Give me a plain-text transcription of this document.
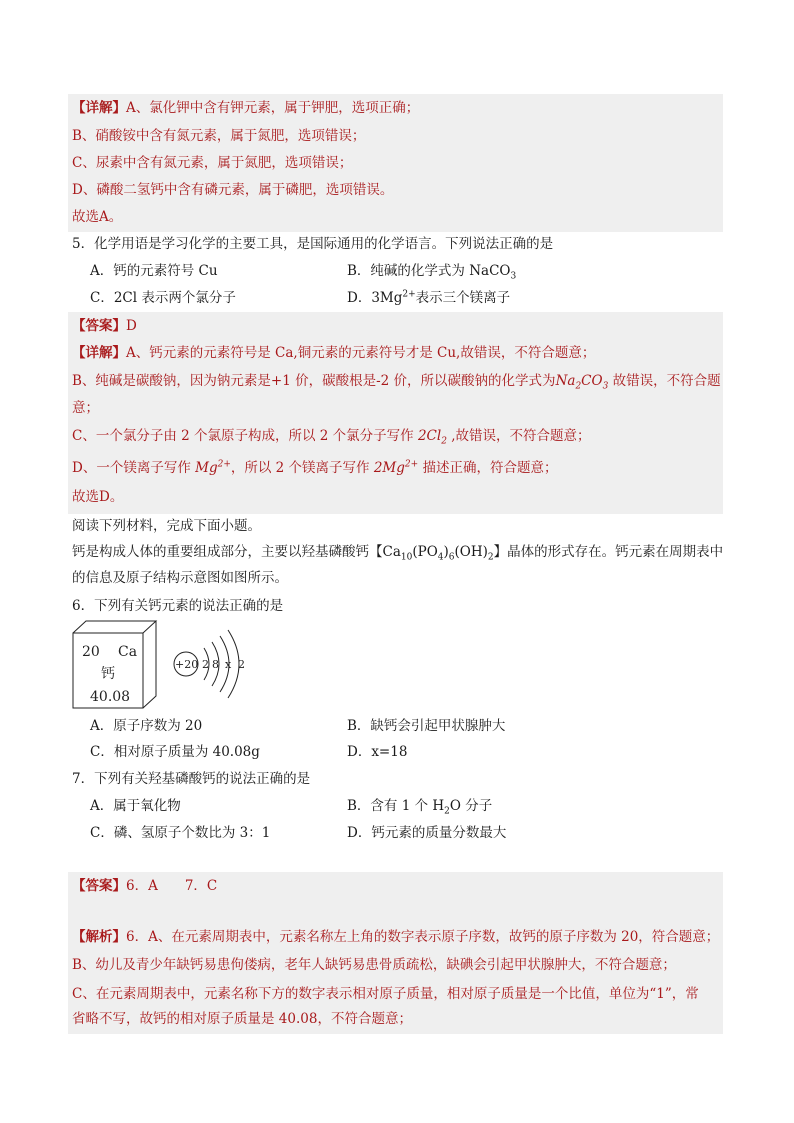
【详解】A、氯化钾中含有钾元素，属于钾肥，选项正确；
B、硝酸铵中含有氮元素，属于氮肥，选项错误；
C、尿素中含有氮元素，属于氮肥，选项错误；
D、磷酸二氢钙中含有磷元素，属于磷肥，选项错误。
故选A。
5．化学用语是学习化学的主要工具，是国际通用的化学语言。下列说法正确的是
A．钙的元素符号 Cu	B．纯碱的化学式为 NaCO$_3$
C．2Cl 表示两个氯分子	D．$3Mg^{2+}$表示三个镁离子
【答案】D
【详解】A、钙元素的元素符号是 Ca,铜元素的元素符号才是 Cu,故错误，不符合题意；
B、纯碱是碳酸钠，因为钠元素是+1 价，碳酸根是-2 价，所以碳酸钠的化学式为$Na_2CO_3$ 故错误，不符合题
意；
C、一个氯分子由 2 个氯原子构成，所以 2 个氯分子写作 $2Cl_2$ ,故错误，不符合题意；
D、一个镁离子写作 $Mg^{2+}$，所以 2 个镁离子写作 $2Mg^{2+}$ 描述正确，符合题意；
故选D。
阅读下列材料，完成下面小题。
钙是构成人体的重要组成部分，主要以羟基磷酸钙【$Ca_{10}(PO_4)_6(OH)_2$】晶体的形式存在。钙元素在周期表中
的信息及原子结构示意图如图所示。
6．下列有关钙元素的说法正确的是
20 Ca
钙
40.08
+20 2 8 x 2
A．原子序数为 20	B．缺钙会引起甲状腺肿大
C．相对原子质量为 40.08g	D．x=18
7．下列有关羟基磷酸钙的说法正确的是
A．属于氧化物	B．含有 1 个 $H_2O$ 分子
C．磷、氢原子个数比为 3：1	D．钙元素的质量分数最大
【答案】6．A　　7．C
【解析】6．A、在元素周期表中，元素名称左上角的数字表示原子序数，故钙的原子序数为 20，符合题意；
B、幼儿及青少年缺钙易患佝偻病，老年人缺钙易患骨质疏松，缺碘会引起甲状腺肿大，不符合题意；
C、在元素周期表中，元素名称下方的数字表示相对原子质量，相对原子质量是一个比值，单位为“1”，常
省略不写，故钙的相对原子质量是 40.08，不符合题意；
